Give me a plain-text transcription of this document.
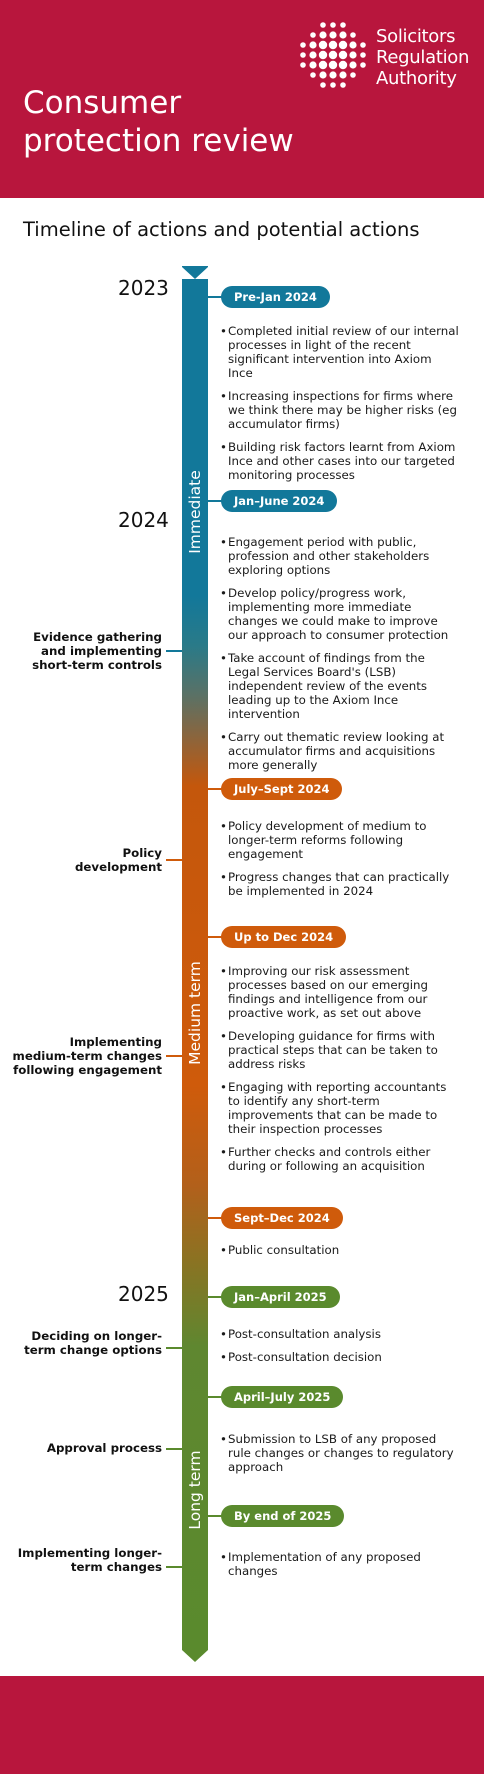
Solicitors
Regulation
Authority
Consumer
protection review
Timeline of actions and potential actions
Immediate
Medium term
Long term
2023
2024
2025
Evidence gathering
and implementing
short-term controls
Policy
development
Implementing
medium-term changes
following engagement
Deciding on longer-
term change options
Approval process
Implementing longer-
term changes
Pre-Jan 2024
• Completed initial review of our internal processes in light of the recent significant intervention into Axiom Ince
• Increasing inspections for firms where we think there may be higher risks (eg accumulator firms)
• Building risk factors learnt from Axiom Ince and other cases into our targeted monitoring processes
Jan–June 2024
• Engagement period with public, profession and other stakeholders exploring options
• Develop policy/progress work, implementing more immediate changes we could make to improve our approach to consumer protection
• Take account of findings from the Legal Services Board's (LSB) independent review of the events leading up to the Axiom Ince intervention
• Carry out thematic review looking at accumulator firms and acquisitions more generally
July–Sept 2024
• Policy development of medium to longer-term reforms following engagement
• Progress changes that can practically be implemented in 2024
Up to Dec 2024
• Improving our risk assessment processes based on our emerging findings and intelligence from our proactive work, as set out above
• Developing guidance for firms with practical steps that can be taken to address risks
• Engaging with reporting accountants to identify any short-term improvements that can be made to their inspection processes
• Further checks and controls either during or following an acquisition
Sept–Dec 2024
• Public consultation
Jan–April 2025
• Post-consultation analysis
• Post-consultation decision
April–July 2025
• Submission to LSB of any proposed rule changes or changes to regulatory approach
By end of 2025
• Implementation of any proposed changes
